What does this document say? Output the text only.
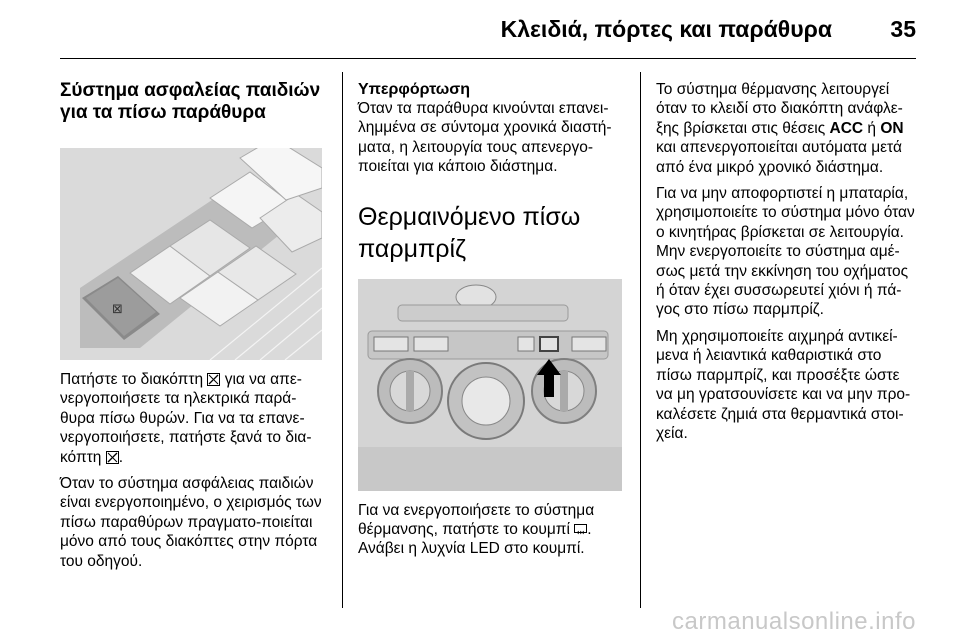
Κλειδιά, πόρτες και παράθυρα	35
Σύστημα ασφαλείας παιδιών για τα πίσω παράθυρα
⊠

Πατήστε το διακόπτη για να απε-νεργοποιήσετε τα ηλεκτρικά παρά-θυρα πίσω θυρών. Για να τα επανε-νεργοποιήσετε, πατήστε ξανά το δια-κόπτη .

Όταν το σύστημα ασφάλειας παιδιών είναι ενεργοποιημένο, ο χειρισμός των πίσω παραθύρων πραγματο-ποιείται μόνο από τους διακόπτες στην πόρτα του οδηγού.

Υπερφόρτωση

Όταν τα παράθυρα κινούνται επανει-λημμένα σε σύντομα χρονικά διαστή-ματα, η λειτουργία τους απενεργο-ποιείται για κάποιο διάστημα.

Θερμαινόμενο πίσω παρμπρίζ

Για να ενεργοποιήσετε το σύστημα θέρμανσης, πατήστε το κουμπί . Ανάβει η λυχνία LED στο κουμπί.

Το σύστημα θέρμανσης λειτουργεί όταν το κλειδί στο διακόπτη ανάφλε-ξης βρίσκεται στις θέσεις ACC ή ON και απενεργοποιείται αυτόματα μετά από ένα μικρό χρονικό διάστημα.

Για να μην αποφορτιστεί η μπαταρία, χρησιμοποιείτε το σύστημα μόνο όταν ο κινητήρας βρίσκεται σε λειτουργία. Μην ενεργοποιείτε το σύστημα αμέ-σως μετά την εκκίνηση του οχήματος ή όταν έχει συσσωρευτεί χιόνι ή πά-γος στο πίσω παρμπρίζ.

Μη χρησιμοποιείτε αιχμηρά αντικεί-μενα ή λειαντικά καθαριστικά στο πίσω παρμπρίζ, και προσέξτε ώστε να μη γρατσουνίσετε και να μην προ-καλέσετε ζημιά στα θερμαντικά στοι-χεία.

carmanualsonline.info
